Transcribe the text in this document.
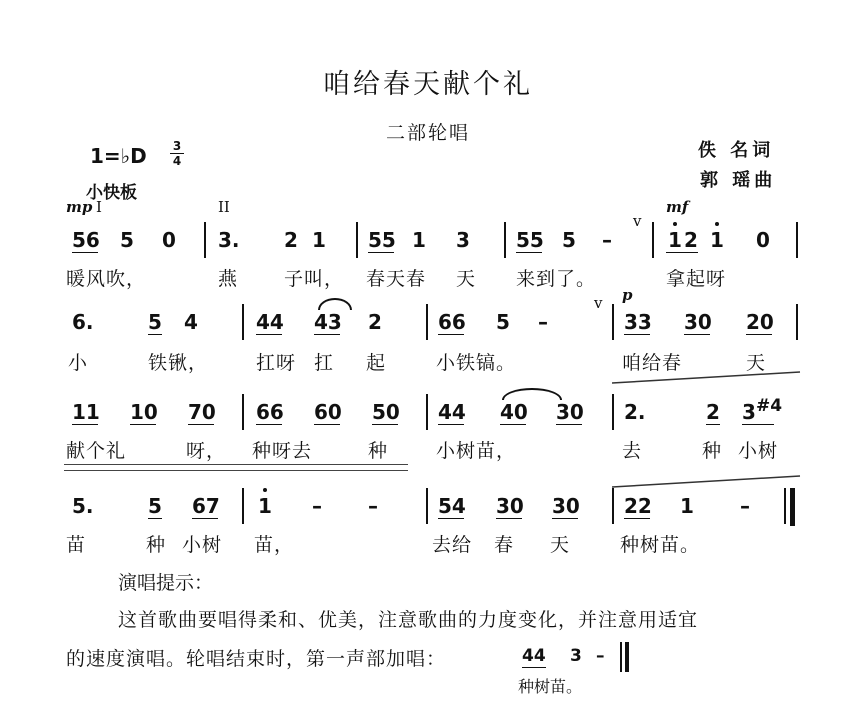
咱给春天献个礼
二部轮唱
1=♭D 3
4
小快板
佚 名词
郭 瑶曲
mp I	II	mf
v
56 5 0 3. 2 1 55 1 3 55 5 –	1 2 1 0
暖风吹，	燕 子叫， 春天春 天 来到了。	拿起呀
v p
6.	5 4	44 43 2	66 5 –	33 30 20
小	铁锹，	扛呀 扛 起	小铁镐。	咱给春	天
11 10 70 66 60 50 44 40 30 2.	2 3 #4
献个礼	呀， 种呀去	种	小树苗，	去	种 小树
5.	5 67 1 – –	54 30 30 22 1 –
苗	种 小树 苗，	去给 春 天	种树苗。
演唱提示：
这首歌曲要唱得柔和、优美，注意歌曲的力度变化，并注意用适宜
的速度演唱。轮唱结束时，第一声部加唱：	44 3 –
种树苗。
